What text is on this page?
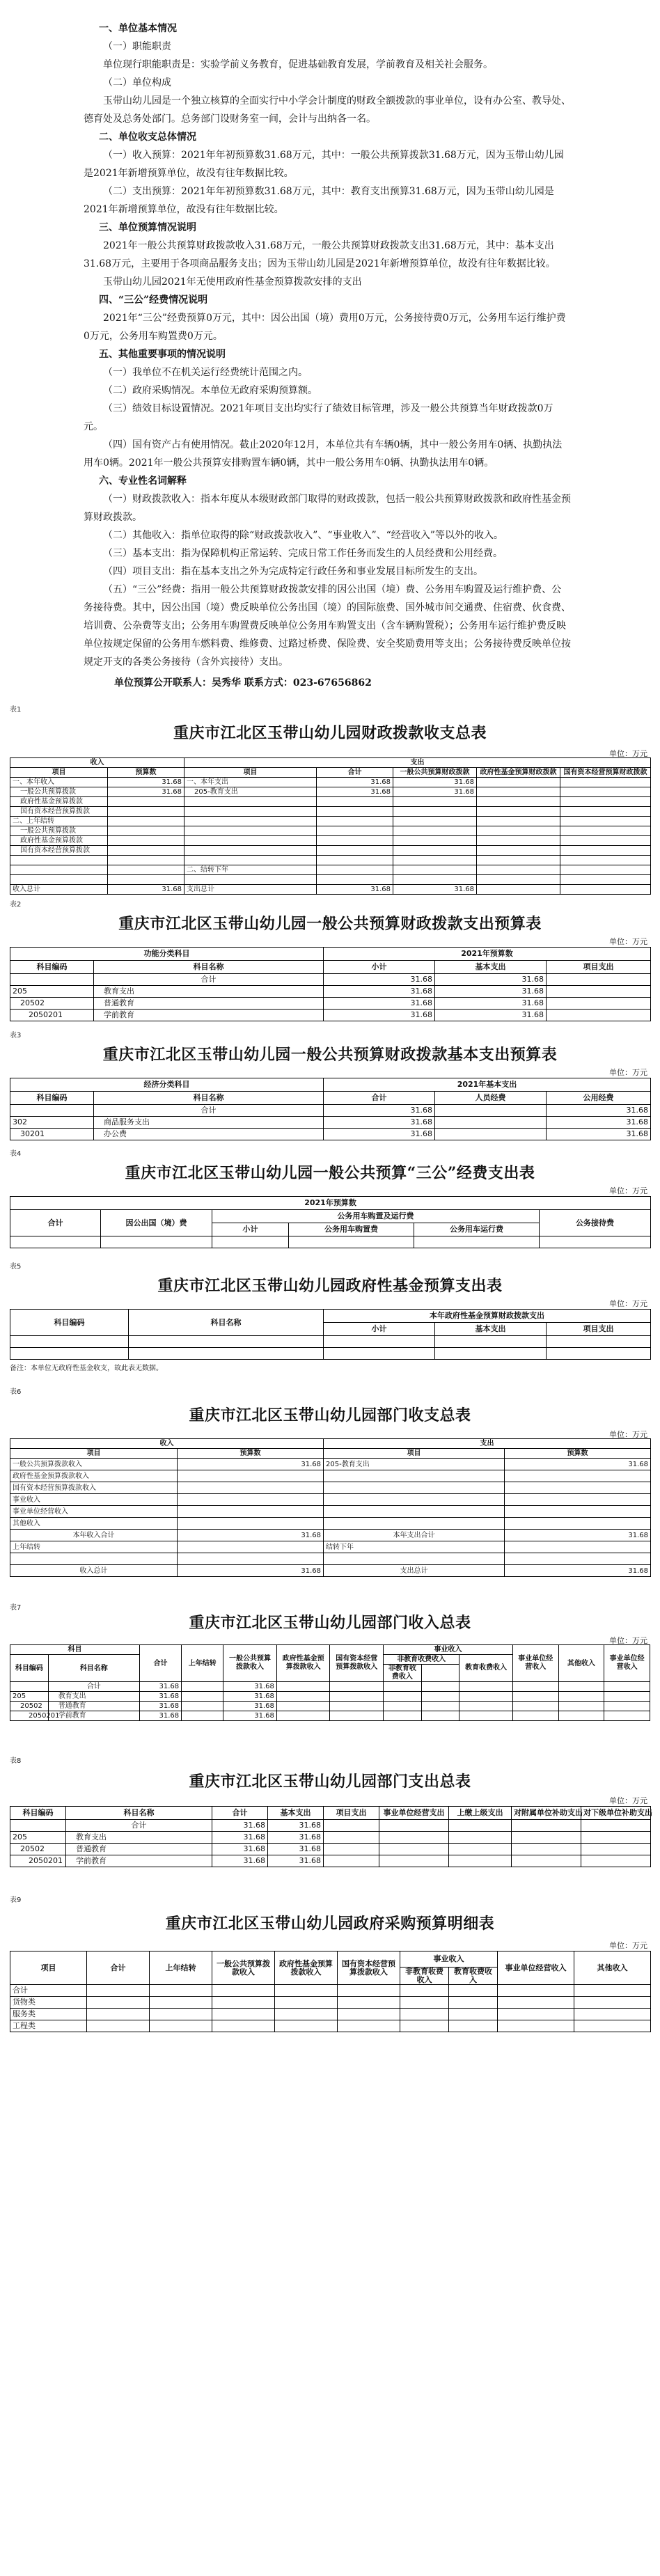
一、单位基本情况

（一）职能职责

单位现行职能职责是：实验学前义务教育，促进基础教育发展，学前教育及相关社会服务。

（二）单位构成

玉带山幼儿园是一个独立核算的全面实行中小学会计制度的财政全额拨款的事业单位，设有办公室、教导处、德育处及总务处部门。总务部门设财务室一间，会计与出纳各一名。

二、单位收支总体情况

（一）收入预算：2021年年初预算数31.68万元，其中：一般公共预算拨款31.68万元，因为玉带山幼儿园是2021年新增预算单位，故没有往年数据比较。

（二）支出预算：2021年年初预算数31.68万元，其中：教育支出预算31.68万元，因为玉带山幼儿园是2021年新增预算单位，故没有往年数据比较。

三、单位预算情况说明

2021年一般公共预算财政拨款收入31.68万元，一般公共预算财政拨款支出31.68万元，其中：基本支出31.68万元，主要用于各项商品服务支出；因为玉带山幼儿园是2021年新增预算单位，故没有往年数据比较。

玉带山幼儿园2021年无使用政府性基金预算拨款安排的支出

四、“三公”经费情况说明

2021年“三公”经费预算0万元，其中：因公出国（境）费用0万元，公务接待费0万元，公务用车运行维护费0万元，公务用车购置费0万元。

五、其他重要事项的情况说明

（一）我单位不在机关运行经费统计范围之内。

（二）政府采购情况。本单位无政府采购预算额。

（三）绩效目标设置情况。2021年项目支出均实行了绩效目标管理，涉及一般公共预算当年财政拨款0万元。

（四）国有资产占有使用情况。截止2020年12月，本单位共有车辆0辆，其中一般公务用车0辆、执勤执法用车0辆。2021年一般公共预算安排购置车辆0辆，其中一般公务用车0辆、执勤执法用车0辆。

六、专业性名词解释

（一）财政拨款收入：指本年度从本级财政部门取得的财政拨款，包括一般公共预算财政拨款和政府性基金预算财政拨款。

（二）其他收入：指单位取得的除“财政拨款收入”、“事业收入”、“经营收入”等以外的收入。

（三）基本支出：指为保障机构正常运转、完成日常工作任务而发生的人员经费和公用经费。

（四）项目支出：指在基本支出之外为完成特定行政任务和事业发展目标所发生的支出。

（五）“三公”经费：指用一般公共预算财政拨款安排的因公出国（境）费、公务用车购置及运行维护费、公务接待费。其中，因公出国（境）费反映单位公务出国（境）的国际旅费、国外城市间交通费、住宿费、伙食费、培训费、公杂费等支出；公务用车购置费反映单位公务用车购置支出（含车辆购置税）；公务用车运行维护费反映单位按规定保留的公务用车燃料费、维修费、过路过桥费、保险费、安全奖励费用等支出；公务接待费反映单位按规定开支的各类公务接待（含外宾接待）支出。

单位预算公开联系人：吴秀华 联系方式：023-67656862

表1
重庆市江北区玉带山幼儿园财政拨款收支总表
单位：万元
收入		支出				
项目	预算数	项目	合计	一般公共预算财政拨款	政府性基金预算财政拨款	国有资本经营预算财政拨款
一、本年收入	31.68	一、本年支出	31.68	31.68		
一般公共预算拨款	31.68	205-教育支出	31.68	31.68		
政府性基金预算拨款						
国有资本经营预算拨款						
二、上年结转						
一般公共预算拨款						
政府性基金预算拨款						
国有资本经营预算拨款						

		二、结转下年				

收入总计	31.68	支出总计	31.68	31.68		
表2
重庆市江北区玉带山幼儿园一般公共预算财政拨款支出预算表
单位：万元
功能分类科目		2021年预算数		
科目编码	科目名称	小计	基本支出	项目支出
	合计	31.68	31.68	
205	教育支出	31.68	31.68	
20502	普通教育	31.68	31.68	
2050201	学前教育	31.68	31.68	
表3
重庆市江北区玉带山幼儿园一般公共预算财政拨款基本支出预算表
单位：万元
经济分类科目		2021年基本支出		
科目编码	科目名称	合计	人员经费	公用经费
	合计	31.68		31.68
302	商品服务支出	31.68		31.68
30201	办公费	31.68		31.68
表4
重庆市江北区玉带山幼儿园一般公共预算“三公”经费支出表
单位：万元
2021年预算数					
合计	因公出国（境）费	公务用车购置及运行费			公务接待费
		小计	公务用车购置费	公务用车运行费	

表5
重庆市江北区玉带山幼儿园政府性基金预算支出表
单位：万元
科目编码	科目名称	本年政府性基金预算财政拨款支出		
		小计	基本支出	项目支出

备注：本单位无政府性基金收支，故此表无数据。
表6
重庆市江北区玉带山幼儿园部门收支总表
单位：万元
收入		支出	
项目	预算数	项目	预算数
一般公共预算拨款收入	31.68	205-教育支出	31.68
政府性基金预算拨款收入			
国有资本经营预算拨款收入			
事业收入			
事业单位经营收入			
其他收入			
本年收入合计	31.68	本年支出合计	31.68
上年结转		结转下年	

收入总计	31.68	支出总计	31.68
表7
重庆市江北区玉带山幼儿园部门收入总表
单位：万元
科目		合计	上年结转	一般公共预算拨款收入	政府性基金预算拨款收入	国有资本经营预算拨款收入	事业收入			事业单位经营收入	其他收入	事业单位经营收入
科目编码	科目名称						非教育收费收入		教育收费收入			
							非教育收费收入					
	合计	31.68		31.68								
205	教育支出	31.68		31.68								
20502	普通教育	31.68		31.68								
2050201	学前教育	31.68		31.68								
表8
重庆市江北区玉带山幼儿园部门支出总表
单位：万元
科目编码	科目名称	合计	基本支出	项目支出	事业单位经营支出	上缴上级支出	对附属单位补助支出	对下级单位补助支出
	合计	31.68	31.68					
205	教育支出	31.68	31.68					
20502	普通教育	31.68	31.68					
2050201	学前教育	31.68	31.68					
表9
重庆市江北区玉带山幼儿园政府采购预算明细表
单位：万元
项目	合计	上年结转	一般公共预算拨款收入	政府性基金预算拨款收入	国有资本经营预算拨款收入	事业收入		事业单位经营收入	其他收入
						非教育收费收入	教育收费收入		
合计									
货物类									
服务类									
工程类									
